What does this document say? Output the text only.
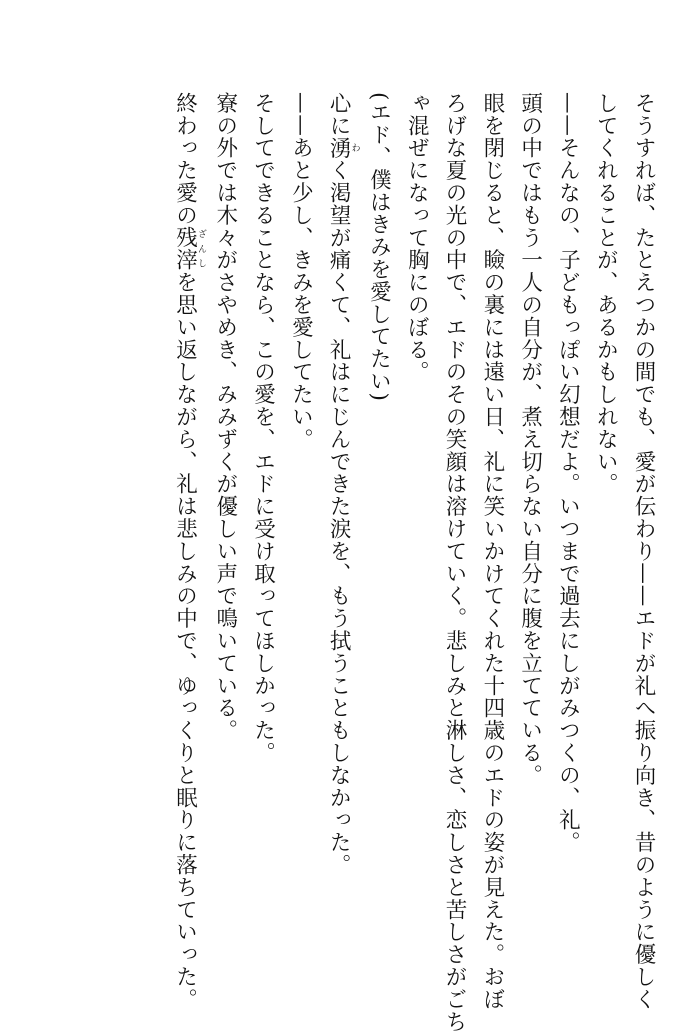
そうすれば、たとえつかの間でも、愛が伝わり——エドが礼へ振り向き、昔のように優しく
してくれることが、あるかもしれない。
——そんなの、子どもっぽい幻想だよ。いつまで過去にしがみつくの、礼。
頭の中ではもう一人の自分が、煮え切らない自分に腹を立てている。
眼を閉じると、瞼の裏には遠い日、礼に笑いかけてくれた十四歳のエドの姿が見えた。おぼ
ろげな夏の光の中で、エドのその笑顔は溶けていく。悲しみと淋しさ、恋しさと苦しさがごち
ゃ混ぜになって胸にのぼる。
(エド、僕はきみを愛してたい)
心に湧わく渇望が痛くて、礼はにじんできた涙を、もう拭うこともしなかった。
——あと少し、きみを愛してたい。
そしてできることなら、この愛を、エドに受け取ってほしかった。
寮の外では木々がさやめき、みみずくが優しい声で鳴いている。
終わった愛の残滓ざんしを思い返しながら、礼は悲しみの中で、ゆっくりと眠りに落ちていった。
